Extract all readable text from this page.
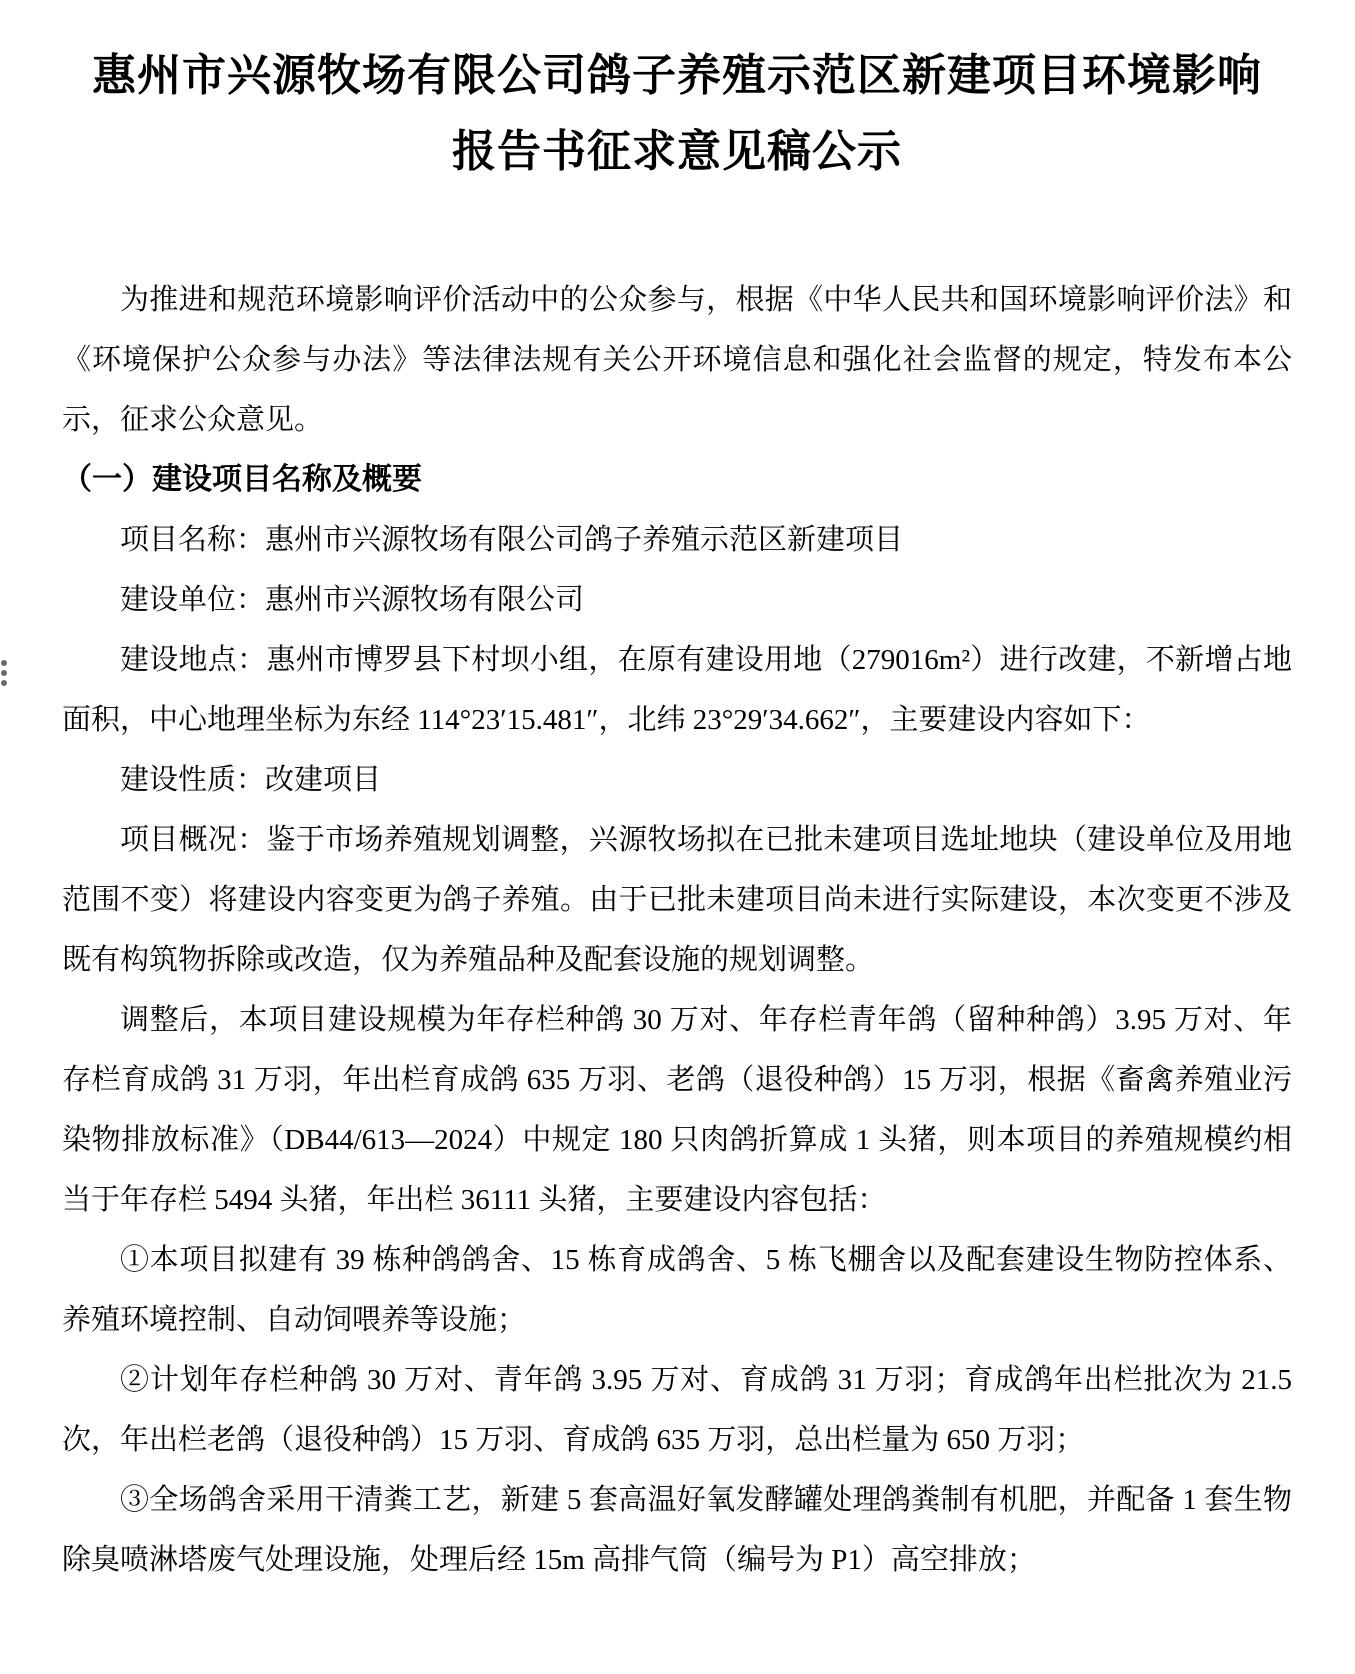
惠州市兴源牧场有限公司鸽子养殖示范区新建项目环境影响
报告书征求意见稿公示

为推进和规范环境影响评价活动中的公众参与，根据《中华人民共和国环境影响评价法》和《环境保护公众参与办法》等法律法规有关公开环境信息和强化社会监督的规定，特发布本公示，征求公众意见。

（一）建设项目名称及概要

项目名称：惠州市兴源牧场有限公司鸽子养殖示范区新建项目

建设单位：惠州市兴源牧场有限公司

建设地点：惠州市博罗县下村坝小组，在原有建设用地（279016m²）进行改建，不新增占地面积，中心地理坐标为东经 114°23′15.481″，北纬 23°29′34.662″，主要建设内容如下：

建设性质：改建项目

项目概况：鉴于市场养殖规划调整，兴源牧场拟在已批未建项目选址地块（建设单位及用地范围不变）将建设内容变更为鸽子养殖。由于已批未建项目尚未进行实际建设，本次变更不涉及既有构筑物拆除或改造，仅为养殖品种及配套设施的规划调整。

调整后，本项目建设规模为年存栏种鸽 30 万对、年存栏青年鸽（留种种鸽）3.95 万对、年存栏育成鸽 31 万羽，年出栏育成鸽 635 万羽、老鸽（退役种鸽）15 万羽，根据《畜禽养殖业污染物排放标准》（DB44/613—2024）中规定 180 只肉鸽折算成 1 头猪，则本项目的养殖规模约相当于年存栏 5494 头猪，年出栏 36111 头猪，主要建设内容包括：

①本项目拟建有 39 栋种鸽鸽舍、15 栋育成鸽舍、5 栋飞棚舍以及配套建设生物防控体系、养殖环境控制、自动饲喂养等设施；

②计划年存栏种鸽 30 万对、青年鸽 3.95 万对、育成鸽 31 万羽；育成鸽年出栏批次为 21.5 次，年出栏老鸽（退役种鸽）15 万羽、育成鸽 635 万羽，总出栏量为 650 万羽；

③全场鸽舍采用干清粪工艺，新建 5 套高温好氧发酵罐处理鸽粪制有机肥，并配备 1 套生物除臭喷淋塔废气处理设施，处理后经 15m 高排气筒（编号为 P1）高空排放；
